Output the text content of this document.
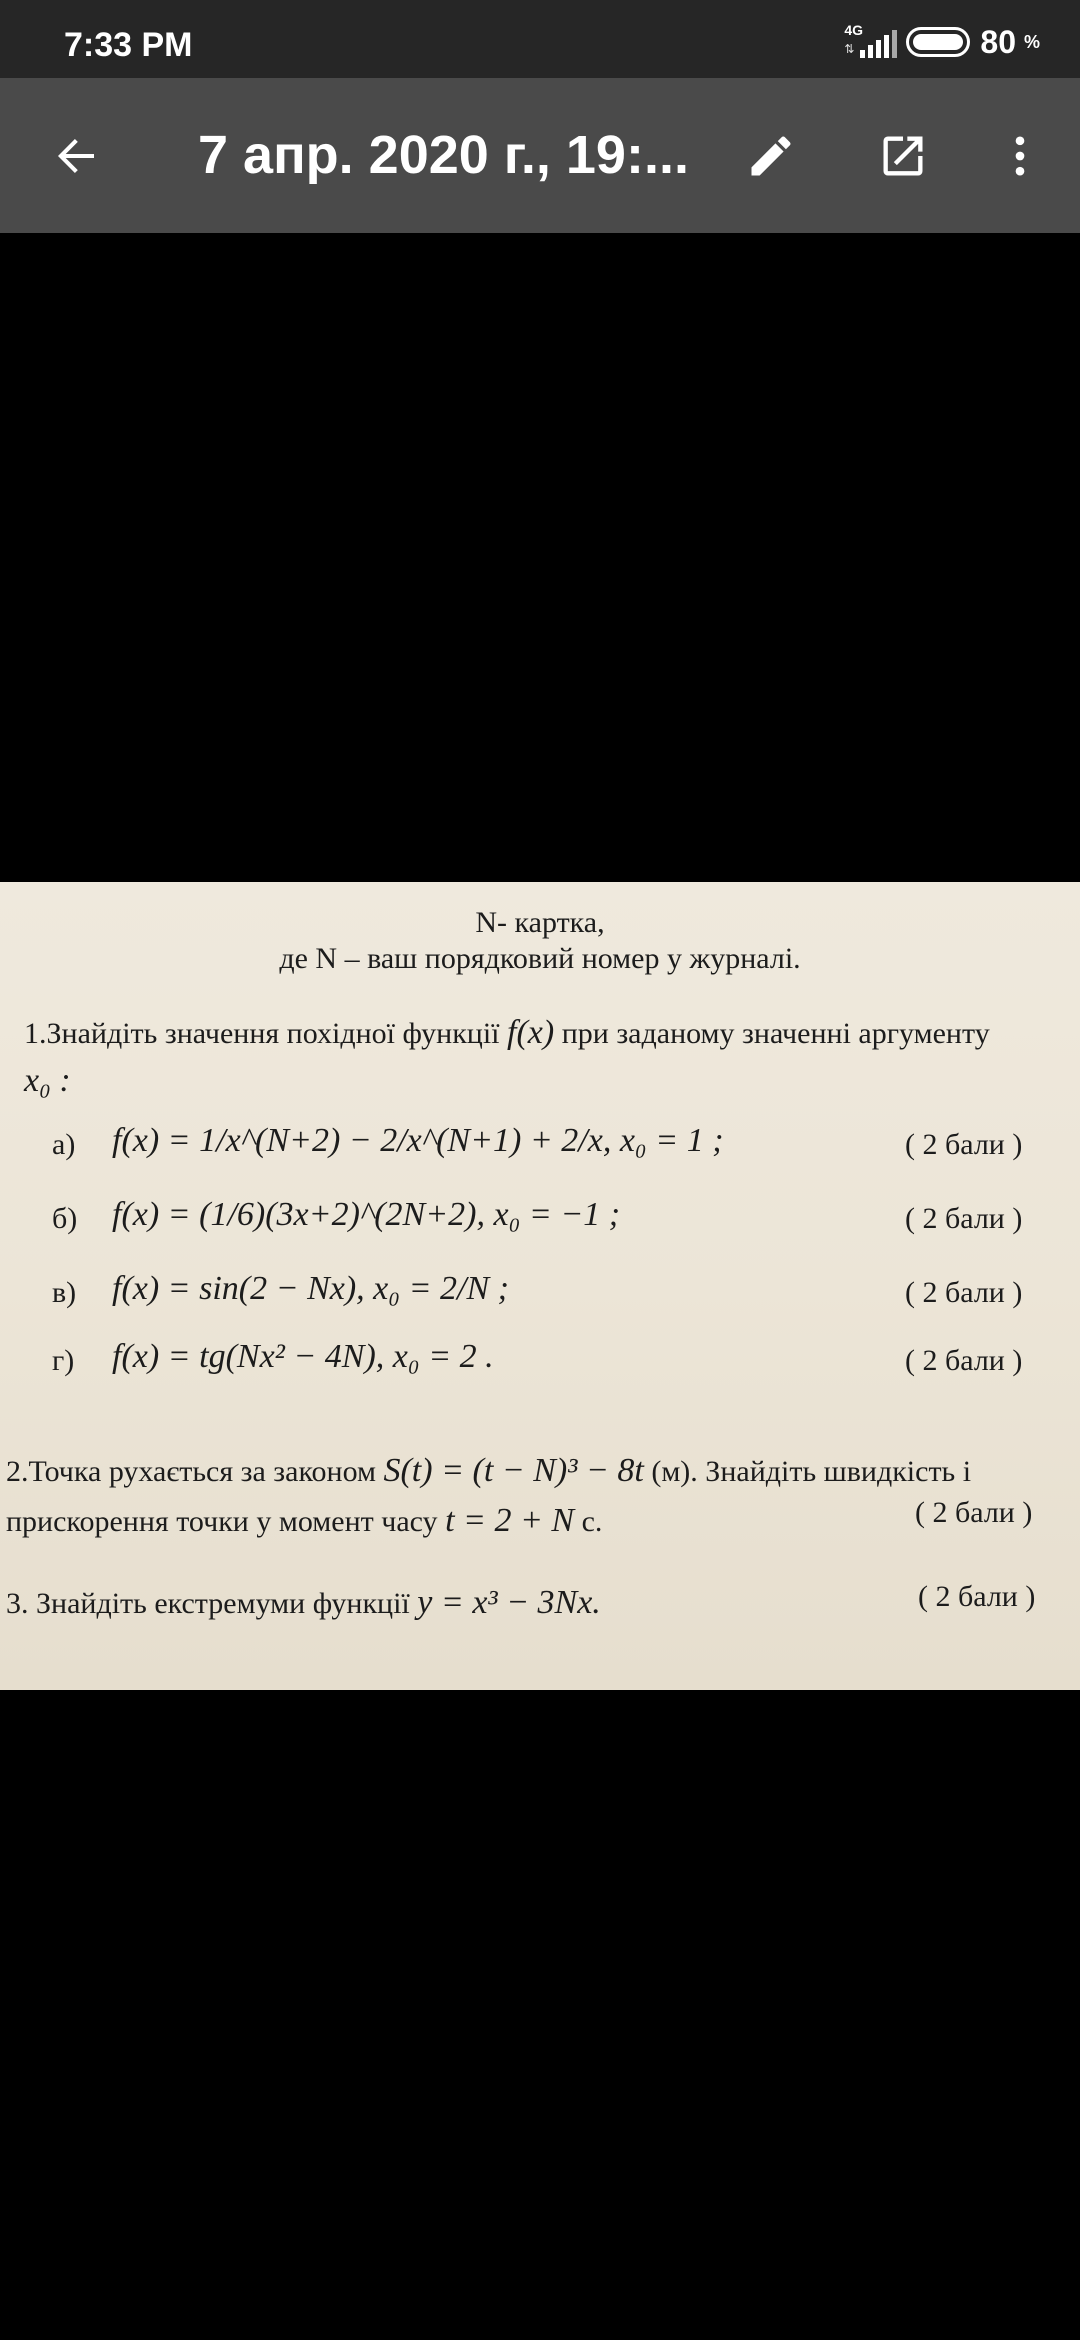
7:33 PM	4G
⇅	80 %
7 апр. 2020 г., 19:...
N- картка,
де N – ваш порядковий номер у журналі.
1.Знайдіть значення похідної функції f(x) при заданому значенні аргументу
x₀ :
а) f(x) = 1/x^(N+2) − 2/x^(N+1) + 2/x, x₀ = 1 ;	( 2 бали )
б) f(x) = (1/6)(3x+2)^(2N+2), x₀ = −1 ;	( 2 бали )
в) f(x) = sin(2 − Nx), x₀ = 2/N ;	( 2 бали )
г) f(x) = tg(Nx² − 4N), x₀ = 2 .	( 2 бали )
2.Точка рухається за законом S(t) = (t − N)³ − 8t (м). Знайдіть швидкість і
прискорення точки у момент часу t = 2 + N с.	( 2 бали )
3. Знайдіть екстремуми функції y = x³ − 3Nx.	( 2 бали )
